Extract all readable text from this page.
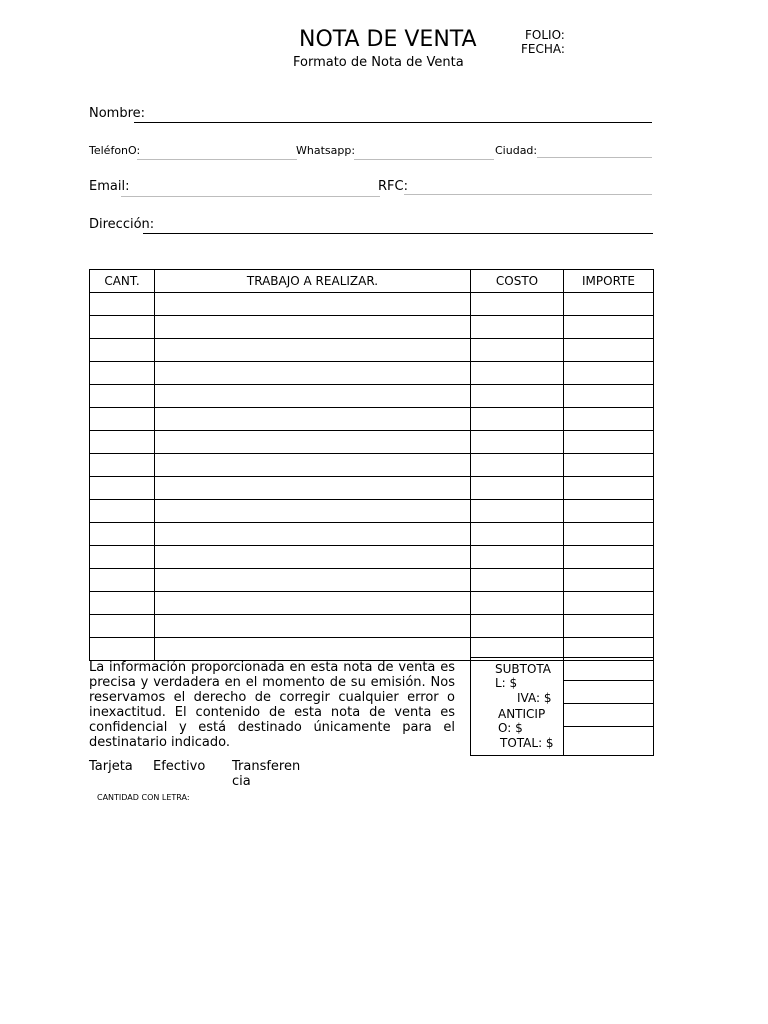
NOTA DE VENTA
Formato de Nota de Venta
FOLIO:
FECHA:
Nombre:
TeléfonO:	Whatsapp:	Ciudad:
Email:	RFC:
Dirección:
CANT.	TRABAJO A REALIZAR.	COSTO	IMPORTE

La información proporcionada en esta nota de venta es precisa y verdadera en el momento de su emisión. Nos reservamos el derecho de corregir cualquier error o inexactitud. El contenido de esta nota de venta es confidencial y está destinado únicamente para el destinatario indicado.
SUBTOTA
L: $
IVA: $
ANTICIP
O: $
TOTAL: $

Tarjeta Efectivo Transferen
cia
CANTIDAD CON LETRA:
